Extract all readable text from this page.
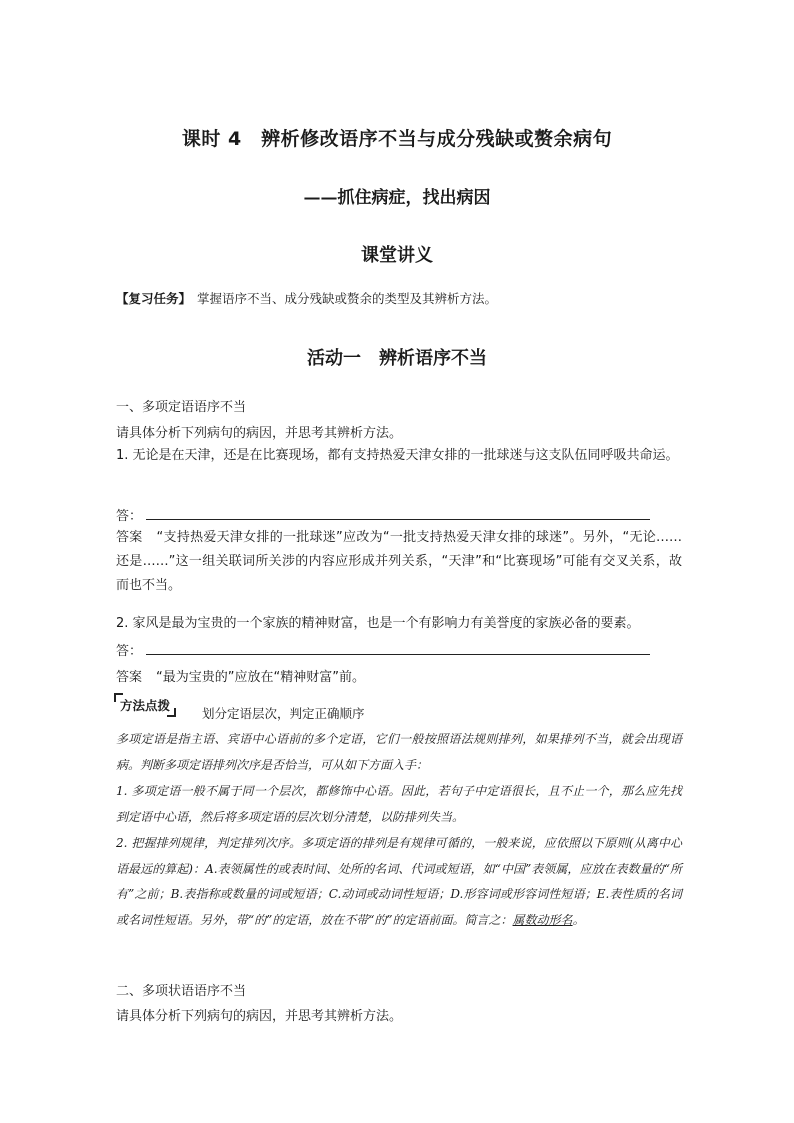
课时 4　辨析修改语序不当与成分残缺或赘余病句
——抓住病症，找出病因
课堂讲义
【复习任务】 掌握语序不当、成分残缺或赘余的类型及其辨析方法。
活动一　辨析语序不当
一、多项定语语序不当
请具体分析下列病句的病因，并思考其辨析方法。
1. 无论是在天津，还是在比赛现场，都有支持热爱天津女排的一批球迷与这支队伍同呼吸共命运。
答：
答案 “支持热爱天津女排的一批球迷”应改为“一批支持热爱天津女排的球迷”。另外，“无论……还是……”这一组关联词所关涉的内容应形成并列关系，“天津”和“比赛现场”可能有交叉关系，故而也不当。
2. 家风是最为宝贵的一个家族的精神财富，也是一个有影响力有美誉度的家族必备的要素。
答：
答案 “最为宝贵的”应放在“精神财富”前。
方法点拨
划分定语层次，判定正确顺序
多项定语是指主语、宾语中心语前的多个定语，它们一般按照语法规则排列，如果排列不当，就会出现语病。判断多项定语排列次序是否恰当，可从如下方面入手：
1. 多项定语一般不属于同一个层次，都修饰中心语。因此，若句子中定语很长，且不止一个，那么应先找到定语中心语，然后将多项定语的层次划分清楚，以防排列失当。
2. 把握排列规律，判定排列次序。多项定语的排列是有规律可循的，一般来说，应依照以下原则(从离中心语最远的算起)：A.表领属性的或表时间、处所的名词、代词或短语，如“中国”表领属，应放在表数量的“所有”之前；B.表指称或数量的词或短语；C.动词或动词性短语；D.形容词或形容词性短语；E.表性质的名词或名词性短语。另外，带“的”的定语，放在不带“的”的定语前面。简言之：属数动形名。
二、多项状语语序不当
请具体分析下列病句的病因，并思考其辨析方法。
